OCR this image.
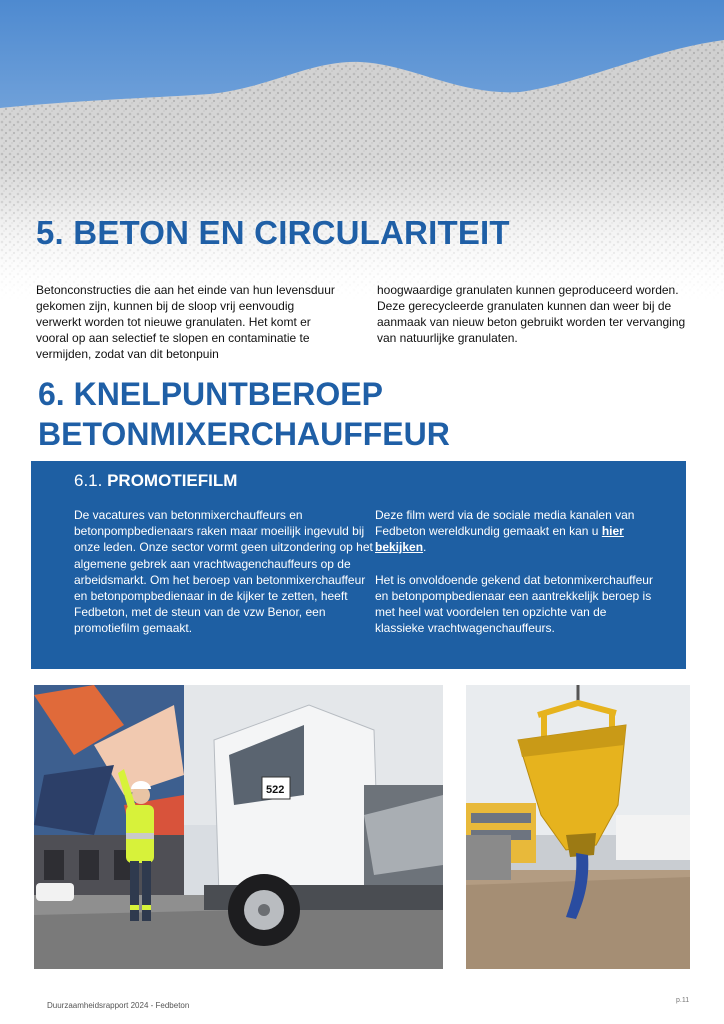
5. BETON EN CIRCULARITEIT

Betonconstructies die aan het einde van hun levensduur gekomen zijn, kunnen bij de sloop vrij eenvoudig verwerkt worden tot nieuwe granulaten. Het komt er vooral op aan selectief te slopen en contaminatie te vermijden, zodat van dit betonpuin

hoogwaardige granulaten kunnen geproduceerd worden. Deze gerecycleerde granulaten kunnen dan weer bij de aanmaak van nieuw beton gebruikt worden ter vervanging van natuurlijke granulaten.

6. KNELPUNTBEROEP
BETONMIXERCHAUFFEUR
6.1. PROMOTIEFILM

De vacatures van betonmixerchauffeurs en betonpompbedienaars raken maar moeilijk ingevuld bij onze leden. Onze sector vormt geen uitzondering op het algemene gebrek aan vrachtwagenchauffeurs op de arbeidsmarkt. Om het beroep van betonmixerchauffeur en betonpompbedienaar in de kijker te zetten, heeft Fedbeton, met de steun van de vzw Benor, een promotiefilm gemaakt.

Deze film werd via de sociale media kanalen van Fedbeton wereldkundig gemaakt en kan u hier bekijken.

Het is onvoldoende gekend dat betonmixerchauffeur en betonpompbedienaar een aantrekkelijk beroep is met heel wat voordelen ten opzichte van de klassieke vrachtwagenchauffeurs.

522
Duurzaamheidsrapport 2024 - Fedbeton
p.11
